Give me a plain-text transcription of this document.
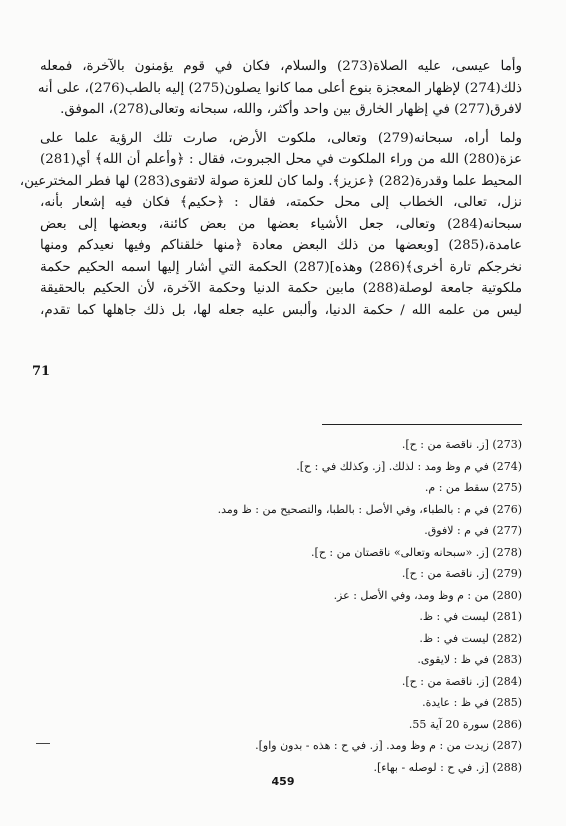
وأما عيسى، عليه الصلاة(273) والسلام، فكان في قوم يؤمنون بالآخرة، فمعله
ذلك(274) لإظهار المعجزة بنوع أعلى مما كانوا يصلون(275) إليه بالطب(276)، على أنه
لافرق(277) في إظهار الخارق بين واحد وأكثر، والله، سبحانه وتعالى(278)، الموفق.
ولما أراه، سبحانه(279) وتعالى، ملكوت الأرض، صارت تلك الرؤية علما على
عزة(280) الله من وراء الملكوت في محل الجبروت، فقال : ﴿وأعلم أن الله﴾ أي(281)
المحيط علما وقدرة(282) ﴿عزيز﴾. ولما كان للعزة صولة لاتقوى(283) لها فطر المخترعين،
نزل، تعالى، الخطاب إلى محل حكمته، فقال : ﴿حكيم﴾ فكان فيه إشعار بأنه،
سبحانه(284) وتعالى، جعل الأشياء بعضها من بعض كائنة، وبعضها إلى بعض
عامدة،(285) [وبعضها من ذلك البعض معادة ﴿منها خلقناكم وفيها نعيدكم ومنها
نخرجكم تارة أخرى﴾(286) وهذه](287) الحكمة التي أشار إليها اسمه الحكيم حكمة
ملكوتية جامعة لوصلة(288) مابين حكمة الدنيا وحكمة الآخرة، لأن الحكيم بالحقيقة
ليس من علمه الله / حكمة الدنيا، وألبس عليه جعله لها، بل ذلك جاهلها كما تقدم،
71
(273) [ز. ناقصة من : ح].
(274) في م وظ ومد : لذلك. [ز. وكذلك في : ح].
(275) سقط من : م.
(276) في م : بالطباء، وفي الأصل : بالطبا، والتصحيح من : ظ ومد.
(277) في م : لافوق.
(278) [ز. «سبحانه وتعالى» ناقصتان من : ح].
(279) [ز. ناقصة من : ح].
(280) من : م وظ ومد، وفي الأصل : عز.
(281) ليست في : ظ.
(282) ليست في : ظ.
(283) في ظ : لايقوى.
(284) [ز. ناقصة من : ح].
(285) في ظ : عايدة.
(286) سورة 20 آية 55.
(287) زيدت من : م وظ ومد. [ز. في ح : هذه - بدون واو].
(288) [ز. في ح : لوصله - بهاء].
459
